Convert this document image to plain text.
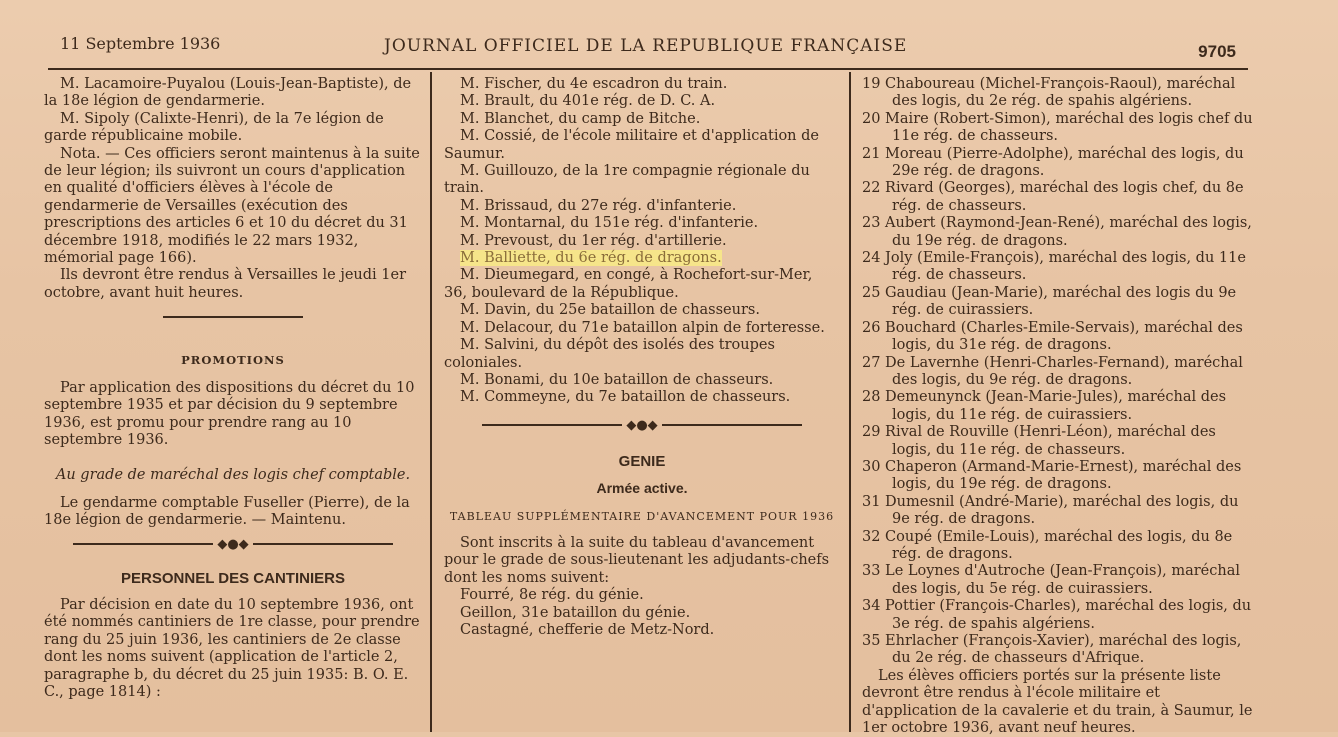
11 Septembre 1936	JOURNAL OFFICIEL DE LA REPUBLIQUE FRANÇAISE	9705

M. Lacamoire-Puyalou (Louis-Jean-Baptiste), de la 18e légion de gendarmerie.

M. Sipoly (Calixte-Henri), de la 7e légion de garde républicaine mobile.

Nota. — Ces officiers seront maintenus à la suite de leur légion; ils suivront un cours d'application en qualité d'officiers élèves à l'école de gendarmerie de Versailles (exécution des prescriptions des articles 6 et 10 du décret du 31 décembre 1918, modifiés le 22 mars 1932, mémorial page 166).

Ils devront être rendus à Versailles le jeudi 1er octobre, avant huit heures.

PROMOTIONS

Par application des dispositions du décret du 10 septembre 1935 et par décision du 9 septembre 1936, est promu pour prendre rang au 10 septembre 1936.

Au grade de maréchal des logis chef comptable.

Le gendarme comptable Fuseller (Pierre), de la 18e légion de gendarmerie. — Maintenu.

◆●◆

PERSONNEL DES CANTINIERS

Par décision en date du 10 septembre 1936, ont été nommés cantiniers de 1re classe, pour prendre rang du 25 juin 1936, les cantiniers de 2e classe dont les noms suivent (application de l'article 2, paragraphe b, du décret du 25 juin 1935: B. O. E. C., page 1814) :

M. Fischer, du 4e escadron du train.

M. Brault, du 401e rég. de D. C. A.

M. Blanchet, du camp de Bitche.

M. Cossié, de l'école militaire et d'application de Saumur.

M. Guillouzo, de la 1re compagnie régionale du train.

M. Brissaud, du 27e rég. d'infanterie.

M. Montarnal, du 151e rég. d'infanterie.

M. Prevoust, du 1er rég. d'artillerie.

M. Balliette, du 6e rég. de dragons.

M. Dieumegard, en congé, à Rochefort-sur-Mer, 36, boulevard de la République.

M. Davin, du 25e bataillon de chasseurs.

M. Delacour, du 71e bataillon alpin de forteresse.

M. Salvini, du dépôt des isolés des troupes coloniales.

M. Bonami, du 10e bataillon de chasseurs.

M. Commeyne, du 7e bataillon de chasseurs.

◆●◆

GENIE

Armée active.

TABLEAU SUPPLÉMENTAIRE D'AVANCEMENT POUR 1936

Sont inscrits à la suite du tableau d'avancement pour le grade de sous-lieutenant les adjudants-chefs dont les noms suivent:

Fourré, 8e rég. du génie.

Geillon, 31e bataillon du génie.

Castagné, chefferie de Metz-Nord.

19 Chaboureau (Michel-François-Raoul), maréchal des logis, du 2e rég. de spahis algériens.

20 Maire (Robert-Simon), maréchal des logis chef du 11e rég. de chasseurs.

21 Moreau (Pierre-Adolphe), maréchal des logis, du 29e rég. de dragons.

22 Rivard (Georges), maréchal des logis chef, du 8e rég. de chasseurs.

23 Aubert (Raymond-Jean-René), maréchal des logis, du 19e rég. de dragons.

24 Joly (Emile-François), maréchal des logis, du 11e rég. de chasseurs.

25 Gaudiau (Jean-Marie), maréchal des logis du 9e rég. de cuirassiers.

26 Bouchard (Charles-Emile-Servais), maréchal des logis, du 31e rég. de dragons.

27 De Lavernhe (Henri-Charles-Fernand), maréchal des logis, du 9e rég. de dragons.

28 Demeunynck (Jean-Marie-Jules), maréchal des logis, du 11e rég. de cuirassiers.

29 Rival de Rouville (Henri-Léon), maréchal des logis, du 11e rég. de chasseurs.

30 Chaperon (Armand-Marie-Ernest), maréchal des logis, du 19e rég. de dragons.

31 Dumesnil (André-Marie), maréchal des logis, du 9e rég. de dragons.

32 Coupé (Emile-Louis), maréchal des logis, du 8e rég. de dragons.

33 Le Loynes d'Autroche (Jean-François), maréchal des logis, du 5e rég. de cuirassiers.

34 Pottier (François-Charles), maréchal des logis, du 3e rég. de spahis algériens.

35 Ehrlacher (François-Xavier), maréchal des logis, du 2e rég. de chasseurs d'Afrique.

Les élèves officiers portés sur la présente liste devront être rendus à l'école militaire et d'application de la cavalerie et du train, à Saumur, le 1er octobre 1936, avant neuf heures.
